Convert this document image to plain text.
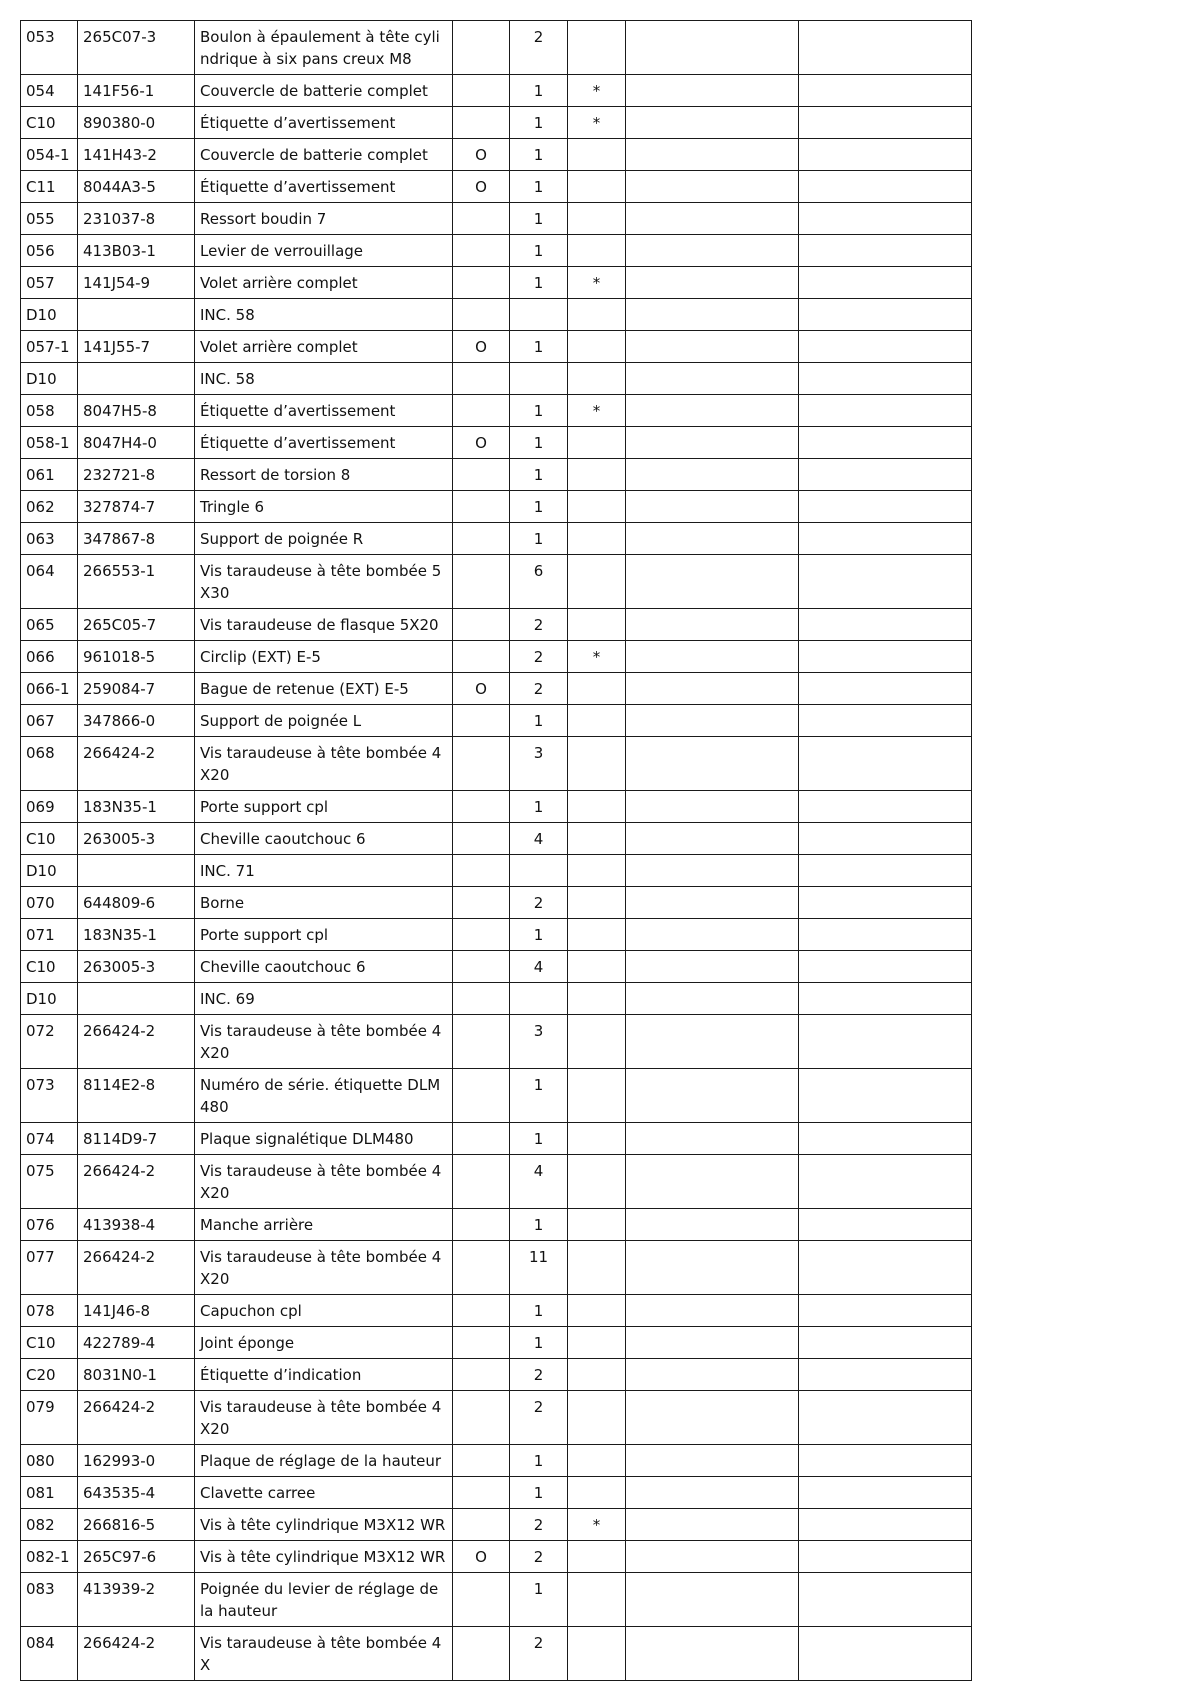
053	265C07-3	Boulon à épaulement à tête cylindrique à six pans creux M8		2			
054	141F56-1	Couvercle de batterie complet		1	*		
C10	890380-0	Étiquette d’avertissement		1	*		
054-1	141H43-2	Couvercle de batterie complet	O	1			
C11	8044A3-5	Étiquette d’avertissement	O	1			
055	231037-8	Ressort boudin 7		1			
056	413B03-1	Levier de verrouillage		1			
057	141J54-9	Volet arrière complet		1	*		
D10		INC. 58					
057-1	141J55-7	Volet arrière complet	O	1			
D10		INC. 58					
058	8047H5-8	Étiquette d’avertissement		1	*		
058-1	8047H4-0	Étiquette d’avertissement	O	1			
061	232721-8	Ressort de torsion 8		1			
062	327874-7	Tringle 6		1			
063	347867-8	Support de poignée R		1			
064	266553-1	Vis taraudeuse à tête bombée 5X30		6			
065	265C05-7	Vis taraudeuse de flasque 5X20		2			
066	961018-5	Circlip (EXT) E-5		2	*		
066-1	259084-7	Bague de retenue (EXT) E-5	O	2			
067	347866-0	Support de poignée L		1			
068	266424-2	Vis taraudeuse à tête bombée 4X20		3			
069	183N35-1	Porte support cpl		1			
C10	263005-3	Cheville caoutchouc 6		4			
D10		INC. 71					
070	644809-6	Borne		2			
071	183N35-1	Porte support cpl		1			
C10	263005-3	Cheville caoutchouc 6		4			
D10		INC. 69					
072	266424-2	Vis taraudeuse à tête bombée 4X20		3			
073	8114E2-8	Numéro de série. étiquette DLM480		1			
074	8114D9-7	Plaque signalétique DLM480		1			
075	266424-2	Vis taraudeuse à tête bombée 4X20		4			
076	413938-4	Manche arrière		1			
077	266424-2	Vis taraudeuse à tête bombée 4X20		11			
078	141J46-8	Capuchon cpl		1			
C10	422789-4	Joint éponge		1			
C20	8031N0-1	Étiquette d’indication		2			
079	266424-2	Vis taraudeuse à tête bombée 4X20		2			
080	162993-0	Plaque de réglage de la hauteur		1			
081	643535-4	Clavette carree		1			
082	266816-5	Vis à tête cylindrique M3X12 WR		2	*		
082-1	265C97-6	Vis à tête cylindrique M3X12 WR	O	2			
083	413939-2	Poignée du levier de réglage de la hauteur		1			
084	266424-2	Vis taraudeuse à tête bombée 4X		2			
